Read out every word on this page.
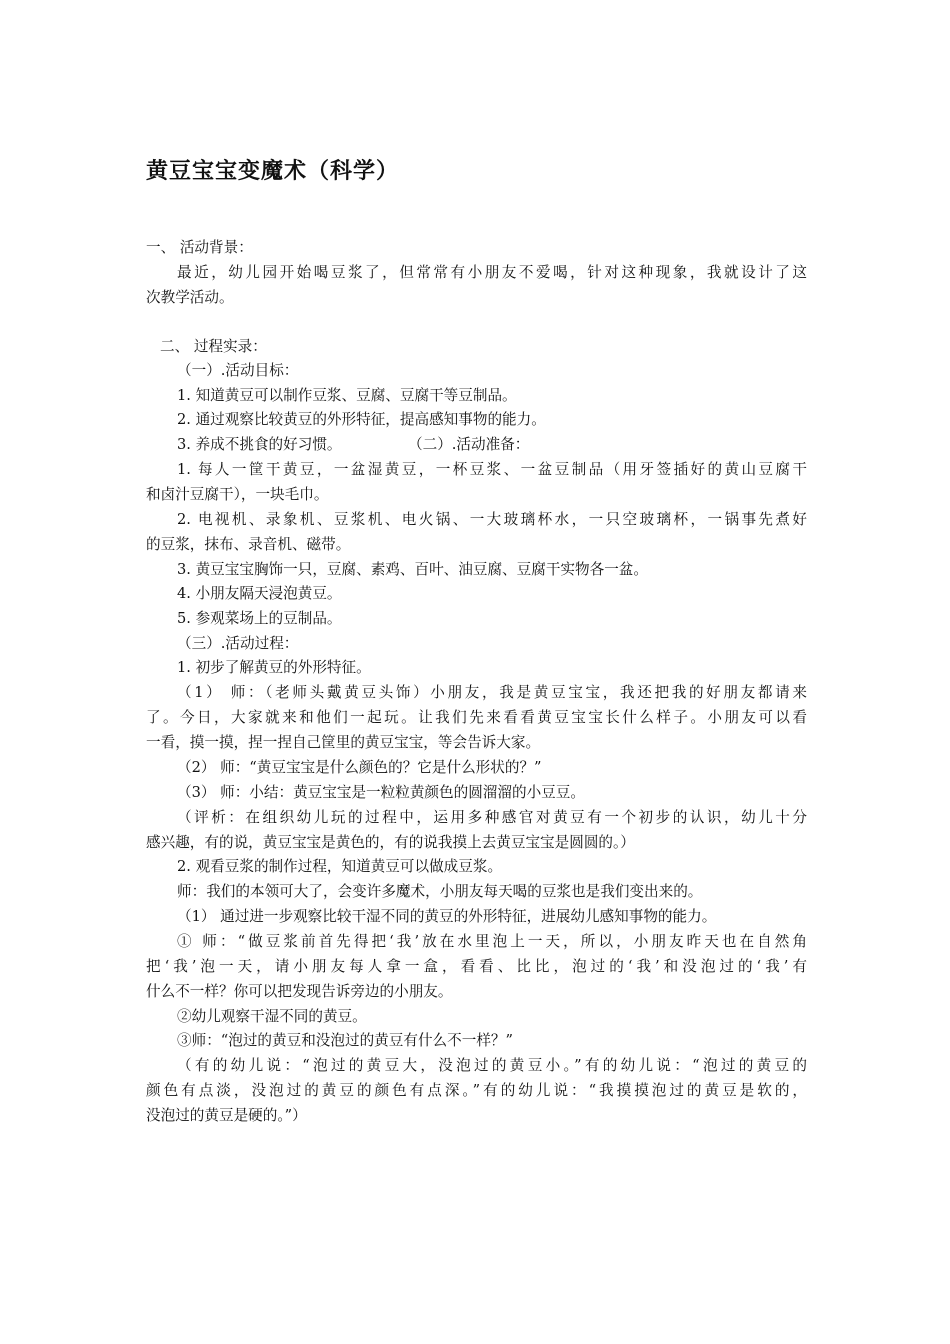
黄豆宝宝变魔术（科学）
一、 活动背景：
最近，幼儿园开始喝豆浆了，但常常有小朋友不爱喝，针对这种现象，我就设计了这
次教学活动。
二、 过程实录：
（一）.活动目标：
1. 知道黄豆可以制作豆浆、豆腐、豆腐干等豆制品。
2. 通过观察比较黄豆的外形特征，提高感知事物的能力。
3. 养成不挑食的好习惯。	（二）.活动准备：
1. 每人一筐干黄豆，一盆湿黄豆，一杯豆浆、一盆豆制品（用牙签插好的黄山豆腐干
和卤汁豆腐干），一块毛巾。
2. 电视机、录象机、豆浆机、电火锅、一大玻璃杯水，一只空玻璃杯，一锅事先煮好
的豆浆，抹布、录音机、磁带。
3. 黄豆宝宝胸饰一只，豆腐、素鸡、百叶、油豆腐、豆腐干实物各一盆。
4. 小朋友隔天浸泡黄豆。
5. 参观菜场上的豆制品。
（三）.活动过程：
1. 初步了解黄豆的外形特征。
（1） 师：（老师头戴黄豆头饰）小朋友，我是黄豆宝宝，我还把我的好朋友都请来
了。今日，大家就来和他们一起玩。让我们先来看看黄豆宝宝长什么样子。小朋友可以看
一看，摸一摸，捏一捏自己筐里的黄豆宝宝，等会告诉大家。
（2） 师：“黄豆宝宝是什么颜色的？它是什么形状的？”
（3） 师：小结：黄豆宝宝是一粒粒黄颜色的圆溜溜的小豆豆。
（评析：在组织幼儿玩的过程中，运用多种感官对黄豆有一个初步的认识，幼儿十分
感兴趣，有的说，黄豆宝宝是黄色的，有的说我摸上去黄豆宝宝是圆圆的。）
2. 观看豆浆的制作过程，知道黄豆可以做成豆浆。
师：我们的本领可大了，会变许多魔术，小朋友每天喝的豆浆也是我们变出来的。
（1） 通过进一步观察比较干湿不同的黄豆的外形特征，进展幼儿感知事物的能力。
① 师：“做豆浆前首先得把‘我’放在水里泡上一天，所以，小朋友昨天也在自然角
把‘我’泡一天，请小朋友每人拿一盒，看看、比比，泡过的‘我’和没泡过的‘我’有
什么不一样？你可以把发现告诉旁边的小朋友。
②幼儿观察干湿不同的黄豆。
③师：“泡过的黄豆和没泡过的黄豆有什么不一样？”
（有的幼儿说：“泡过的黄豆大，没泡过的黄豆小。”有的幼儿说：“泡过的黄豆的
颜色有点淡，没泡过的黄豆的颜色有点深。”有的幼儿说：“我摸摸泡过的黄豆是软的，
没泡过的黄豆是硬的。”）
